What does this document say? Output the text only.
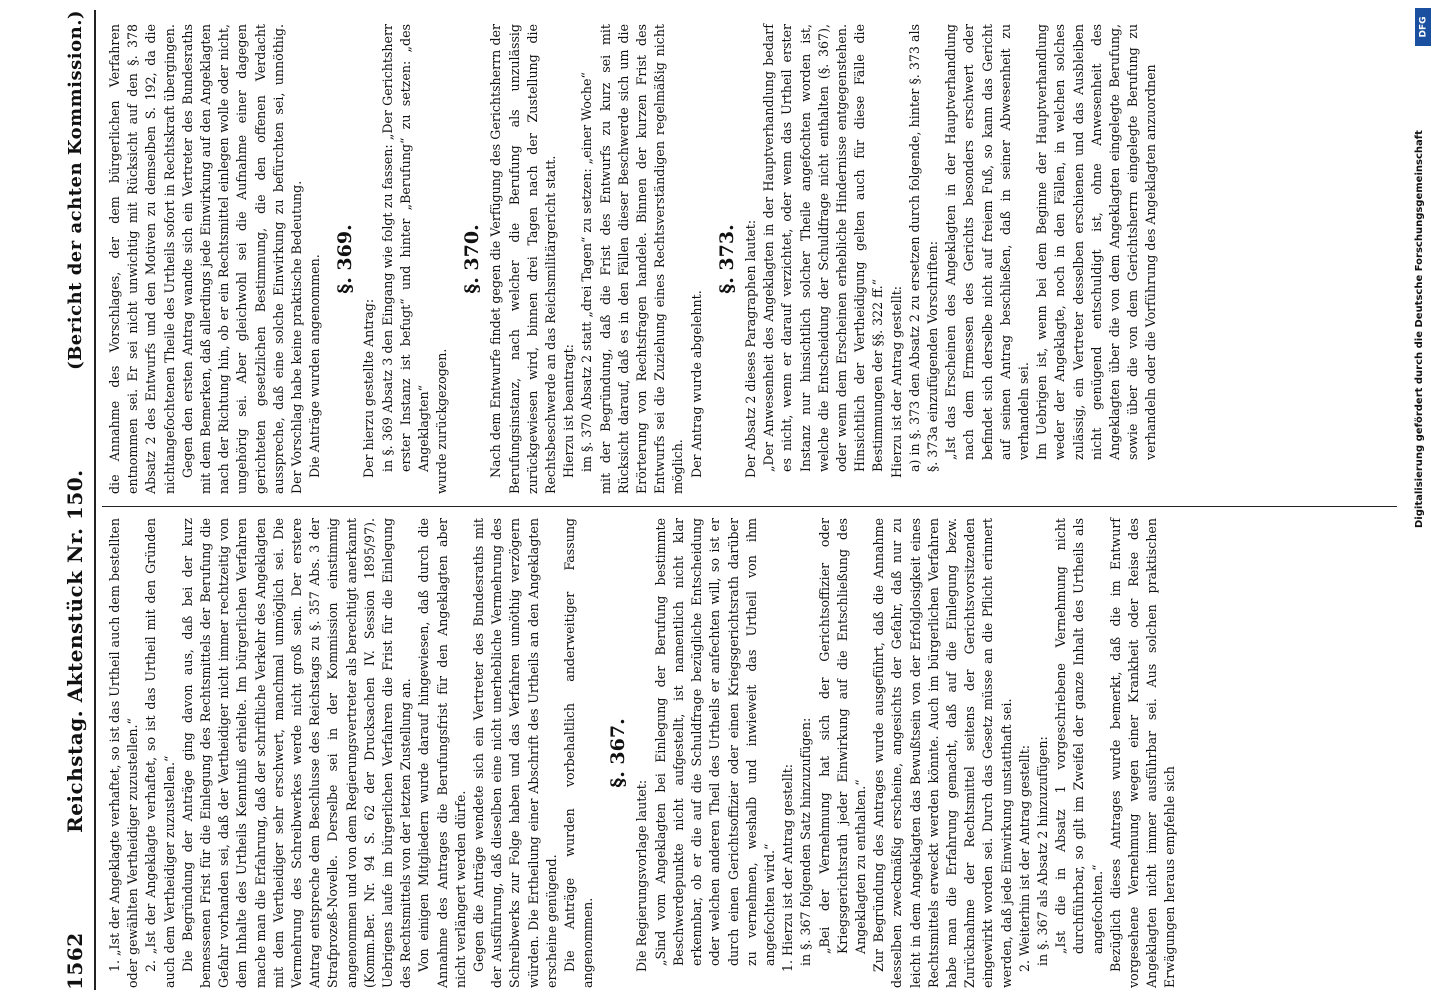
1562
Reichstag. Aktenstück Nr. 150.
(Bericht der achten Kommission.)

1. „Ist der Angeklagte verhaftet, so ist das Urtheil auch dem bestellten oder gewählten Vertheidiger zuzustellen.“ 2. „Ist der Angeklagte verhaftet, so ist das Urtheil mit den Gründen auch dem Vertheidiger zuzustellen.“ Die Begründung der Anträge ging davon aus, daß bei der kurz bemessenen Frist für die Einlegung des Rechtsmittels der Berufung die Gefahr vorhanden sei, daß der Vertheidiger nicht immer rechtzeitig von dem Inhalte des Urtheils Kenntniß erhielte. Im bürgerlichen Verfahren mache man die Erfahrung, daß der schriftliche Verkehr des Angeklagten mit dem Vertheidiger sehr erschwert, manchmal unmöglich sei. Die Vermehrung des Schreibwerkes werde nicht groß sein. Der erstere Antrag entspreche dem Beschlusse des Reichstags zu §. 357 Abs. 3 der Strafprozeß-Novelle. Derselbe sei in der Kommission einstimmig angenommen und von dem Regierungsvertreter als berechtigt anerkannt (Komm.Ber. Nr. 94 S. 62 der Drucksachen IV. Session 1895/97). Uebrigens laufe im bürgerlichen Verfahren die Frist für die Einlegung des Rechtsmittels von der letzten Zustellung an. Von einigen Mitgliedern wurde darauf hingewiesen, daß durch die Annahme des Antrages die Berufungsfrist für den Angeklagten aber nicht verlängert werden dürfe. Gegen die Anträge wendete sich ein Vertreter des Bundesraths mit der Ausführung, daß dieselben eine nicht unerhebliche Vermehrung des Schreibwerks zur Folge haben und das Verfahren unnöthig verzögern würden. Die Ertheilung einer Abschrift des Urtheils an den Angeklagten erscheine genügend. Die Anträge wurden vorbehaltlich anderweitiger Fassung angenommen.

§. 367.

Die Regierungsvorlage lautet: „Sind vom Angeklagten bei Einlegung der Berufung bestimmte Beschwerdepunkte nicht aufgestellt, ist namentlich nicht klar erkennbar, ob er die auf die Schuldfrage bezügliche Entscheidung oder welchen anderen Theil des Urtheils er anfechten will, so ist er durch einen Gerichtsoffizier oder einen Kriegsgerichtsrath darüber zu vernehmen, weshalb und inwieweit das Urtheil von ihm angefochten wird.“ 1. Hierzu ist der Antrag gestellt: in §. 367 folgenden Satz hinzuzufügen: „Bei der Vernehmung hat sich der Gerichtsoffizier oder Kriegsgerichtsrath jeder Einwirkung auf die Entschließung des Angeklagten zu enthalten.“ Zur Begründung des Antrages wurde ausgeführt, daß die Annahme desselben zweckmäßig erscheine, angesichts der Gefahr, daß nur zu leicht in dem Angeklagten das Bewußtsein von der Erfolglosigkeit eines Rechtsmittels erweckt werden könnte. Auch im bürgerlichen Verfahren habe man die Erfahrung gemacht, daß auf die Einlegung bezw. Zurücknahme der Rechtsmittel seitens der Gerichtsvorsitzenden eingewirkt worden sei. Durch das Gesetz müsse an die Pflicht erinnert werden, daß jede Einwirkung unstatthaft sei. 2. Weiterhin ist der Antrag gestellt: in §. 367 als Absatz 2 hinzuzufügen: „Ist die in Absatz 1 vorgeschriebene Vernehmung nicht durchführbar, so gilt im Zweifel der ganze Inhalt des Urtheils als angefochten.“ Bezüglich dieses Antrages wurde bemerkt, daß die im Entwurf vorgesehene Vernehmung wegen einer Krankheit oder Reise des Angeklagten nicht immer ausführbar sei. Aus solchen praktischen Erwägungen heraus empfehle sich

die Annahme des Vorschlages, der dem bürgerlichen Verfahren entnommen sei. Er sei nicht unwichtig mit Rücksicht auf den §. 378 Absatz 2 des Entwurfs und den Motiven zu demselben S. 192, da die nichtangefochtenen Theile des Urtheils sofort in Rechtskraft übergingen. Gegen den ersten Antrag wandte sich ein Vertreter des Bundesraths mit dem Bemerken, daß allerdings jede Einwirkung auf den Angeklagten nach der Richtung hin, ob er ein Rechtsmittel einlegen wolle oder nicht, ungehörig sei. Aber gleichwohl sei die Aufnahme einer dagegen gerichteten gesetzlichen Bestimmung, die den offenen Verdacht ausspreche, daß eine solche Einwirkung zu befürchten sei, unnöthig. Der Vorschlag habe keine praktische Bedeutung. Die Anträge wurden angenommen. §. 369.

Der hierzu gestellte Antrag: in §. 369 Absatz 3 den Eingang wie folgt zu fassen: „Der Gerichtsherr erster Instanz ist befugt“ und hinter „Berufung“ zu setzen: „des Angeklagten“ wurde zurückgezogen.

§. 370. Nach dem Entwurfe findet gegen die Verfügung des Gerichtsherrn der Berufungsinstanz, nach welcher die Berufung als unzulässig zurückgewiesen wird, binnen drei Tagen nach der Zustellung die Rechtsbeschwerde an das Reichsmilitärgericht statt. Hierzu ist beantragt: im §. 370 Absatz 2 statt „drei Tagen“ zu setzen: „einer Woche“ mit der Begründung, daß die Frist des Entwurfs zu kurz sei mit Rücksicht darauf, daß es in den Fällen dieser Beschwerde sich um die Erörterung von Rechtsfragen handele. Binnen der kurzen Frist des Entwurfs sei die Zuziehung eines Rechtsverständigen regelmäßig nicht möglich. Der Antrag wurde abgelehnt.

§. 373. Der Absatz 2 dieses Paragraphen lautet: „Der Anwesenheit des Angeklagten in der Hauptverhandlung bedarf es nicht, wenn er darauf verzichtet, oder wenn das Urtheil erster Instanz nur hinsichtlich solcher Theile angefochten worden ist, welche die Entscheidung der Schuldfrage nicht enthalten (§. 367), oder wenn dem Erscheinen erhebliche Hindernisse entgegenstehen. Hinsichtlich der Vertheidigung gelten auch für diese Fälle die Bestimmungen der §§. 322 ff.“ Hierzu ist der Antrag gestellt: a) in §. 373 den Absatz 2 zu ersetzen durch folgende, hinter §. 373 als §. 373a einzufügenden Vorschriften: „Ist das Erscheinen des Angeklagten in der Hauptverhandlung nach dem Ermessen des Gerichts besonders erschwert oder befindet sich derselbe nicht auf freiem Fuß, so kann das Gericht auf seinen Antrag beschließen, daß in seiner Abwesenheit zu verhandeln sei. Im Uebrigen ist, wenn bei dem Beginne der Hauptverhandlung weder der Angeklagte, noch in den Fällen, in welchen solches zulässig, ein Vertreter desselben erschienen und das Ausbleiben nicht genügend entschuldigt ist, ohne Anwesenheit des Angeklagten über die von dem Angeklagten eingelegte Berufung, sowie über die von dem Gerichtsherrn eingelegte Berufung zu verhandeln oder die Vorführung des Angeklagten anzuordnen

DFG
Digitalisierung gefördert durch die Deutsche Forschungsgemeinschaft
